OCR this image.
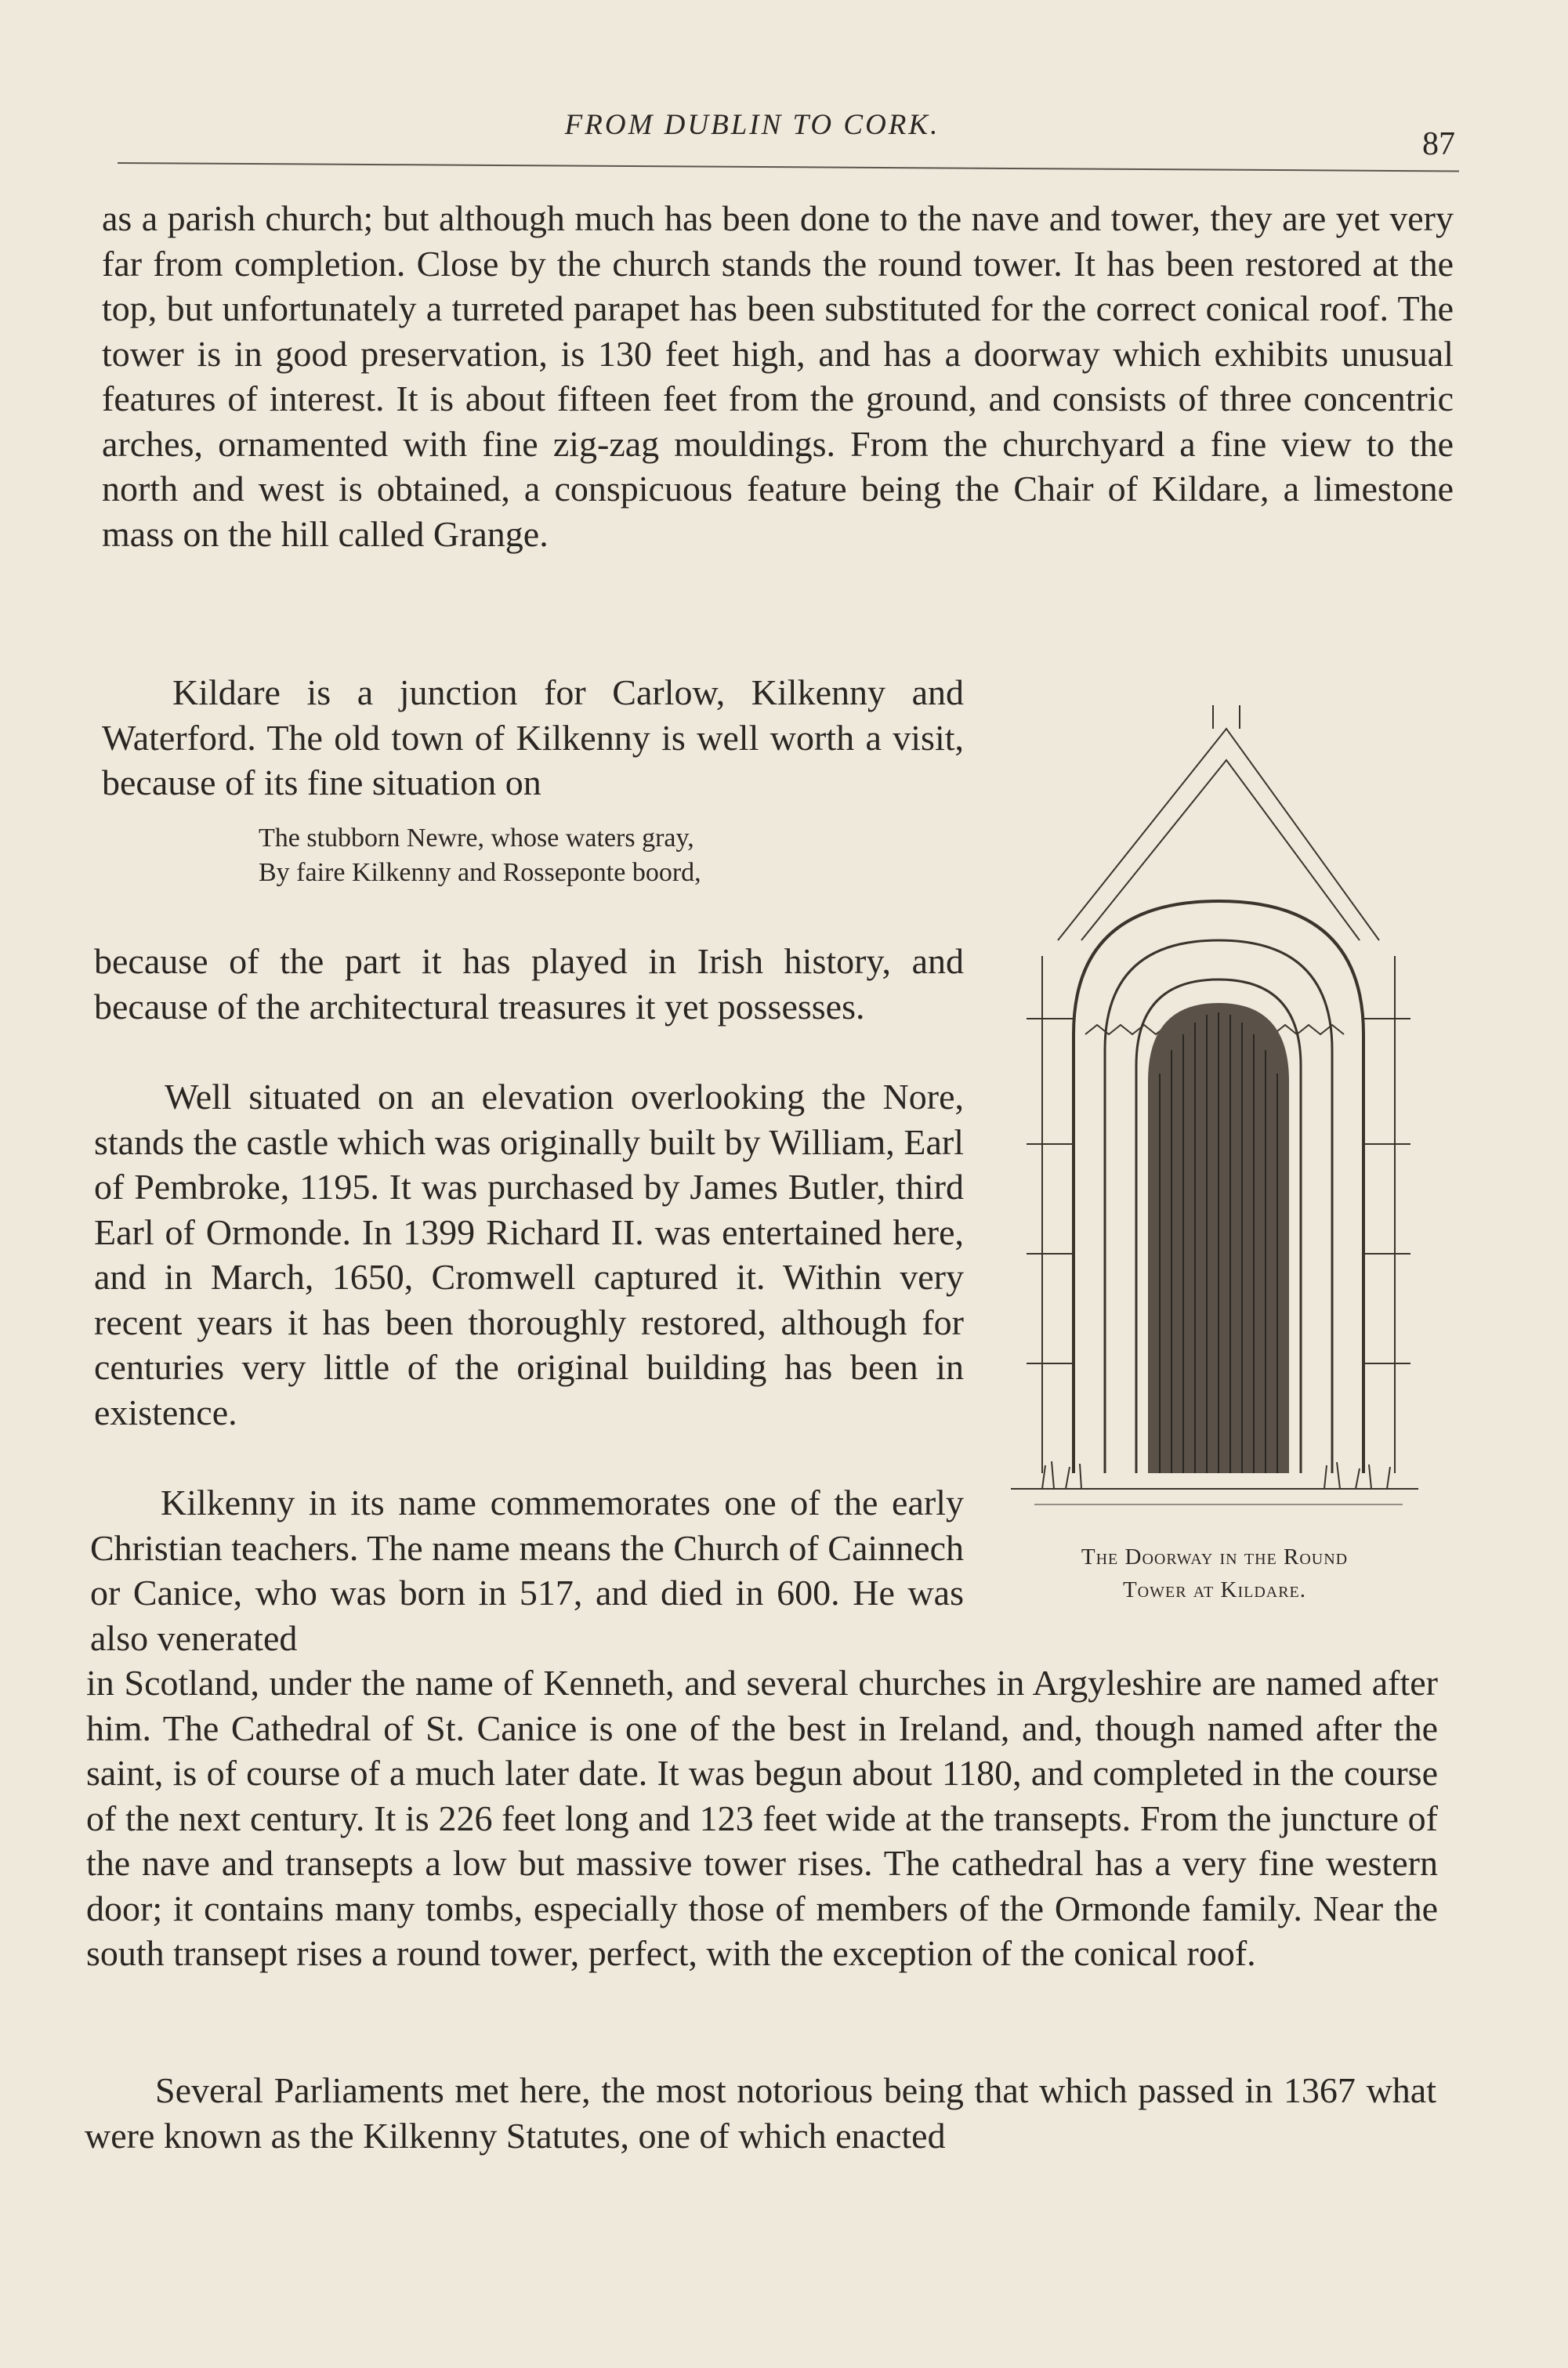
FROM DUBLIN TO CORK.
87

as a parish church; but although much has been done to the nave and tower, they are yet very far from completion. Close by the church stands the round tower. It has been restored at the top, but unfortunately a turreted parapet has been substituted for the correct conical roof. The tower is in good preservation, is 130 feet high, and has a doorway which exhibits unusual features of interest. It is about fifteen feet from the ground, and consists of three concentric arches, ornamented with fine zig-zag mouldings. From the churchyard a fine view to the north and west is obtained, a conspicuous feature being the Chair of Kildare, a limestone mass on the hill called Grange.

Kildare is a junction for Carlow, Kilkenny and Waterford. The old town of Kilkenny is well worth a visit, because of its fine situation on

The stubborn Newre, whose waters gray,
By faire Kilkenny and Rosseponte boord,

because of the part it has played in Irish history, and because of the architectural treasures it yet possesses.

Well situated on an elevation overlooking the Nore, stands the castle which was originally built by William, Earl of Pembroke, 1195. It was purchased by James Butler, third Earl of Ormonde. In 1399 Richard II. was entertained here, and in March, 1650, Cromwell captured it. Within very recent years it has been thoroughly restored, although for centuries very little of the original building has been in existence.

Kilkenny in its name commemorates one of the early Christian teachers. The name means the Church of Cainnech or Canice, who was born in 517, and died in 600. He was also venerated

in Scotland, under the name of Kenneth, and several churches in Argyleshire are named after him. The Cathedral of St. Canice is one of the best in Ireland, and, though named after the saint, is of course of a much later date. It was begun about 1180, and completed in the course of the next century. It is 226 feet long and 123 feet wide at the transepts. From the juncture of the nave and transepts a low but massive tower rises. The cathedral has a very fine western door; it contains many tombs, especially those of members of the Ormonde family. Near the south transept rises a round tower, perfect, with the exception of the conical roof.

Several Parliaments met here, the most notorious being that which passed in 1367 what were known as the Kilkenny Statutes, one of which enacted

The Doorway in the Round
Tower at Kildare.
